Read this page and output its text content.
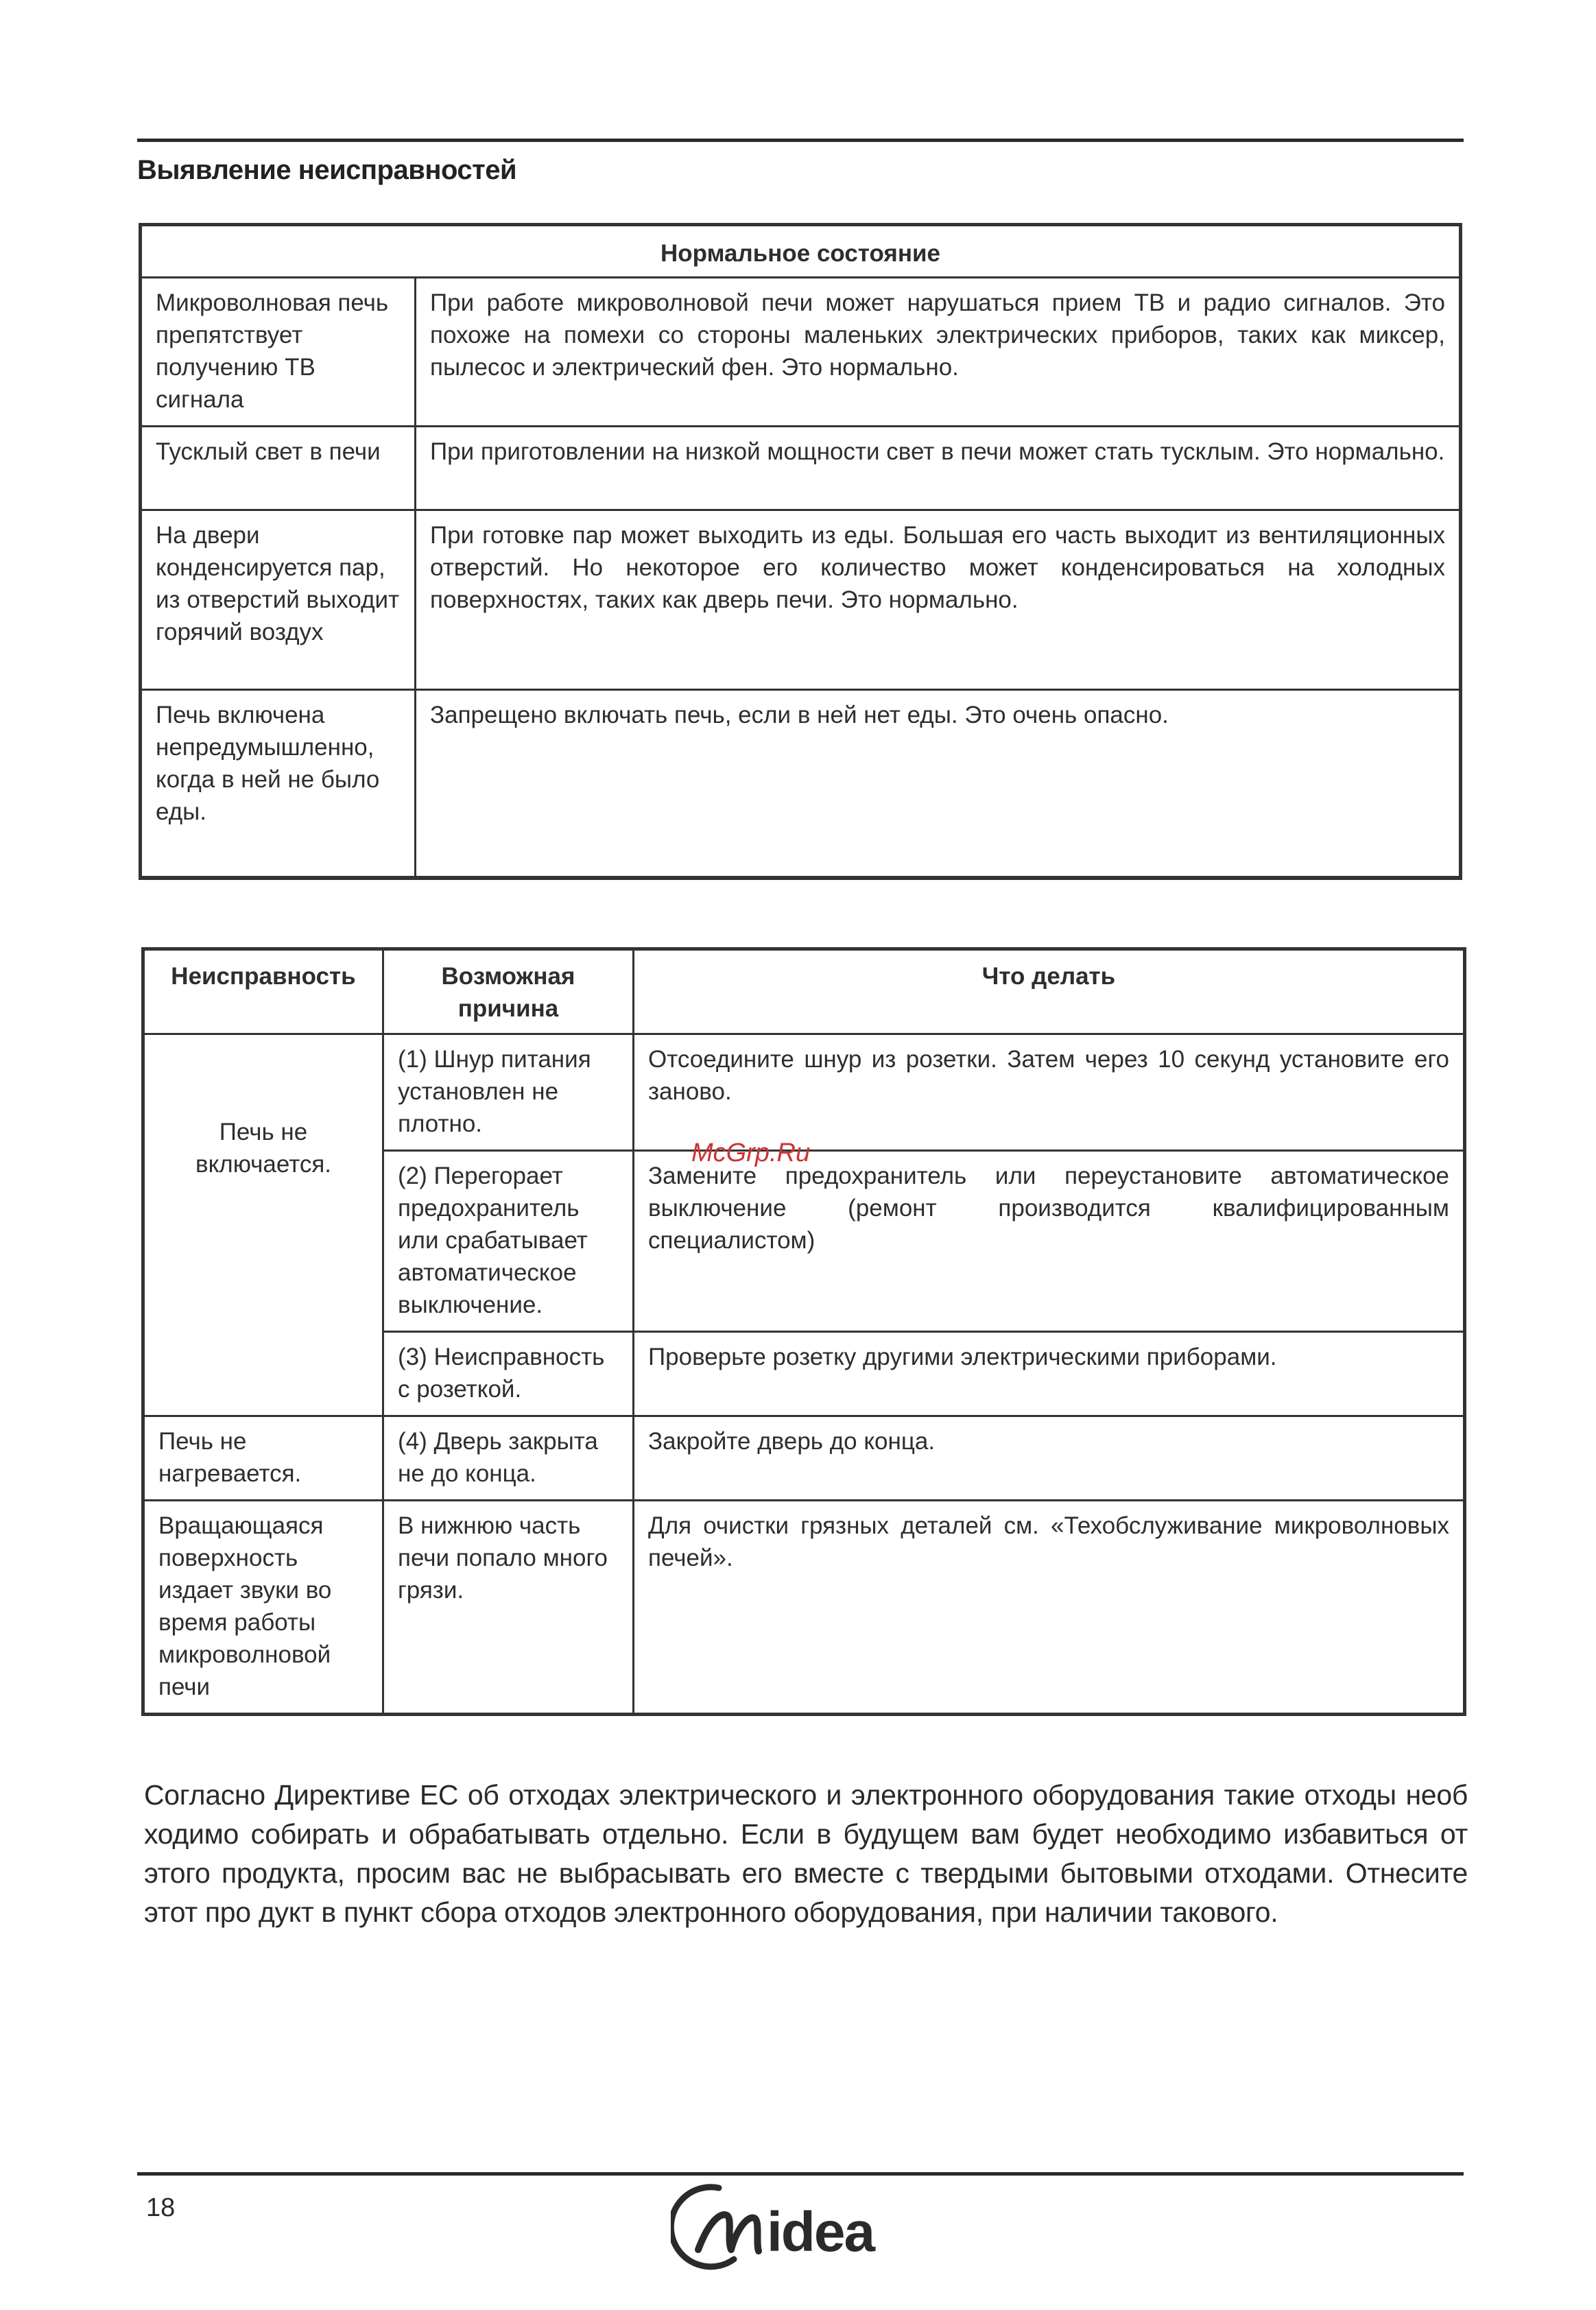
Выявление неисправностей
Нормальное состояние	
Микроволновая печь препятствует получению ТВ сигнала	При работе микроволновой печи может нарушаться прием ТВ и радио сигналов. Это похоже на помехи со стороны маленьких электрических приборов, таких как миксер, пылесос и электрический фен. Это нормально.
Тусклый свет в печи	При приготовлении на низкой мощности свет в печи может стать тусклым. Это нормально.
На двери конденсируется пар, из отверстий выходит горячий воздух	При готовке пар может выходить из еды. Большая его часть выходит из вентиляционных отверстий. Но некоторое его количество может конденсироваться на холодных поверхностях, таких как дверь печи. Это нормально.
Печь включена непредумышленно, когда в ней не было еды.	Запрещено включать печь, если в ней нет еды. Это очень опасно.
Неисправность	Возможная причина	Что делать
Печь не включается.	(1) Шнур питания установлен не плотно.	Отсоедините шнур из розетки. Затем через 10 секунд установите его заново.
	(2) Перегорает предохранитель или срабатывает автоматическое выключение.	Замените предохранитель или переустановите автоматическое выключение (ремонт производится квалифицированным специалистом)
	(3) Неисправность с розеткой.	Проверьте розетку другими электрическими приборами.
Печь не нагревается.	(4) Дверь закрыта не до конца.	Закройте дверь до конца.
Вращающаяся поверхность издает звуки во время работы микроволновой печи	В нижнюю часть печи попало много грязи.	Для очистки грязных деталей см. «Техобслуживание микроволновых печей».
McGrp.Ru

Согласно Директиве ЕС об отходах электрического и электронного оборудования такие отходы необ ходимо собирать и обрабатывать отдельно. Если в будущем вам будет необходимо избавиться от этого продукта, просим вас не выбрасывать его вместе с твердыми бытовыми отходами. Отнесите этот про дукт в пункт сбора отходов электронного оборудования, при наличии такового.

18	idea
